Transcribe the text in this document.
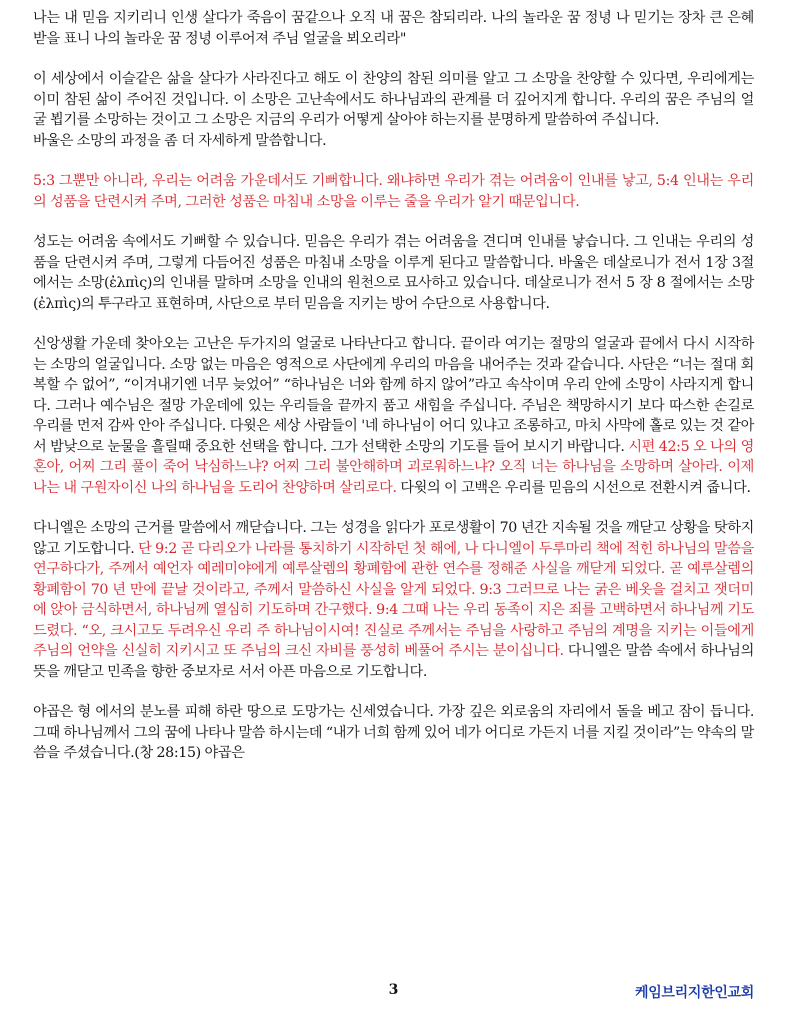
나는 내 믿음 지키리니 인생 살다가 죽음이 꿈같으나 오직 내 꿈은 참되리라. 나의 놀라운 꿈 정녕 나 믿기는 장차 큰 은혜 받을 표니 나의 놀라운 꿈 정녕 이루어져 주님 얼굴을 뵈오리라"

이 세상에서 이슬같은 삶을 살다가 사라진다고 해도 이 찬양의 참된 의미를 알고 그 소망을 찬양할 수 있다면, 우리에게는 이미 참된 삶이 주어진 것입니다. 이 소망은 고난속에서도 하나님과의 관계를 더 깊어지게 합니다. 우리의 꿈은 주님의 얼굴 뵙기를 소망하는 것이고 그 소망은 지금의 우리가 어떻게 살아야 하는지를 분명하게 말씀하여 주십니다.
바울은 소망의 과정을 좀 더 자세하게 말씀합니다.

5:3 그뿐만 아니라, 우리는 어려움 가운데서도 기뻐합니다. 왜냐하면 우리가 겪는 어려움이 인내를 낳고, 5:4 인내는 우리의 성품을 단련시켜 주며, 그러한 성품은 마침내 소망을 이루는 줄을 우리가 알기 때문입니다.

성도는 어려움 속에서도 기뻐할 수 있습니다. 믿음은 우리가 겪는 어려움을 견디며 인내를 낳습니다. 그 인내는 우리의 성품을 단련시켜 주며, 그렇게 다듬어진 성품은 마침내 소망을 이루게 된다고 말씀합니다. 바울은 데살로니가 전서 1장 3절에서는 소망(ἐλπὶς)의 인내를 말하며 소망을 인내의 원천으로 묘사하고 있습니다. 데살로니가 전서 5 장 8 절에서는 소망(ἐλπὶς)의 투구라고 표현하며, 사단으로 부터 믿음을 지키는 방어 수단으로 사용합니다.

신앙생활 가운데 찾아오는 고난은 두가지의 얼굴로 나타난다고 합니다. 끝이라 여기는 절망의 얼굴과 끝에서 다시 시작하는 소망의 얼굴입니다. 소망 없는 마음은 영적으로 사단에게 우리의 마음을 내어주는 것과 같습니다. 사단은 “너는 절대 회복할 수 없어”, “이겨내기엔 너무 늦었어” “하나님은 너와 함께 하지 않어”라고 속삭이며 우리 안에 소망이 사라지게 합니다. 그러나 예수님은 절망 가운데에 있는 우리들을 끝까지 품고 새힘을 주십니다. 주님은 책망하시기 보다 따스한 손길로 우리를 먼저 감싸 안아 주십니다. 다윗은 세상 사람들이 '네 하나님이 어디 있냐고 조롱하고, 마치 사막에 홀로 있는 것 같아서 밤낮으로 눈물을 흘릴때 중요한 선택을 합니다. 그가 선택한 소망의 기도를 들어 보시기 바랍니다. 시편 42:5 오 나의 영혼아, 어찌 그리 풀이 죽어 낙심하느냐? 어찌 그리 불안해하며 괴로워하느냐? 오직 너는 하나님을 소망하며 살아라. 이제 나는 내 구원자이신 나의 하나님을 도리어 찬양하며 살리로다. 다윗의 이 고백은 우리를 믿음의 시선으로 전환시켜 줍니다.

다니엘은 소망의 근거를 말씀에서 깨닫습니다. 그는 성경을 읽다가 포로생활이 70 년간 지속될 것을 깨닫고 상황을 탓하지 않고 기도합니다. 단 9:2 곧 다리오가 나라를 통치하기 시작하던 첫 해에, 나 다니엘이 두루마리 책에 적힌 하나님의 말씀을 연구하다가, 주께서 예언자 예레미야에게 예루살렘의 황폐함에 관한 연수를 정해준 사실을 깨닫게 되었다. 곧 예루살렘의 황폐함이 70 년 만에 끝날 것이라고, 주께서 말씀하신 사실을 알게 되었다. 9:3 그러므로 나는 굵은 베옷을 걸치고 잿더미에 앉아 금식하면서, 하나님께 열심히 기도하며 간구했다. 9:4 그때 나는 우리 동족이 지은 죄를 고백하면서 하나님께 기도드렸다. “오, 크시고도 두려우신 우리 주 하나님이시여! 진실로 주께서는 주님을 사랑하고 주님의 계명을 지키는 이들에게 주님의 언약을 신실히 지키시고 또 주님의 크신 자비를 풍성히 베풀어 주시는 분이십니다. 다니엘은 말씀 속에서 하나님의 뜻을 깨닫고 민족을 향한 중보자로 서서 아픈 마음으로 기도합니다.

야곱은 형 에서의 분노를 피해 하란 땅으로 도망가는 신세였습니다. 가장 깊은 외로움의 자리에서 돌을 베고 잠이 듭니다. 그때 하나님께서 그의 꿈에 나타나 말씀 하시는데 “내가 너희 함께 있어 네가 어디로 가든지 너를 지킬 것이라”는 약속의 말씀을 주셨습니다.(창 28:15) 야곱은

3	케임브리지한인교회
